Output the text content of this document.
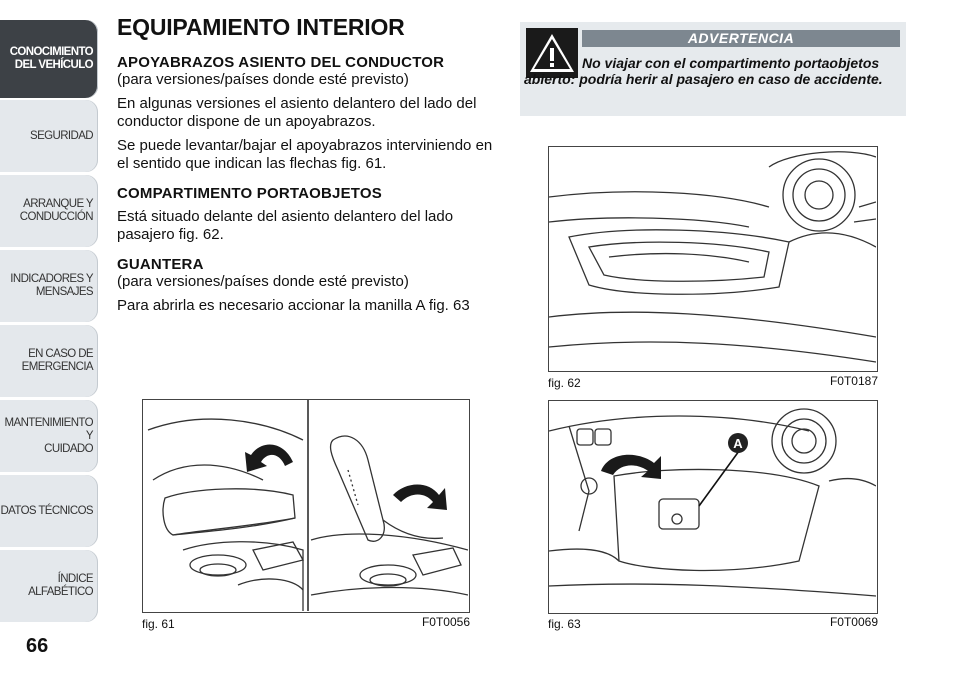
CONOCIMIENTO
DEL VEHÍCULO
SEGURIDAD
ARRANQUE Y
CONDUCCIÓN
INDICADORES Y
MENSAJES
EN CASO DE
EMERGENCIA
MANTENIMIENTO Y
CUIDADO
DATOS TÉCNICOS
ÍNDICE ALFABÉTICO
66
EQUIPAMIENTO INTERIOR
APOYABRAZOS ASIENTO DEL CONDUCTOR

(para versiones/países donde esté previsto)

En algunas versiones el asiento delantero del lado del conductor dispone de un apoyabrazos.

Se puede levantar/bajar el apoyabrazos interviniendo en el sentido que indican las flechas fig. 61.

COMPARTIMENTO PORTAOBJETOS

Está situado delante del asiento delantero del lado pasajero fig. 62.

GUANTERA

(para versiones/países donde esté previsto)

Para abrirla es necesario accionar la manilla A fig. 63

ADVERTENCIA
No viajar con el compartimento portaobjetos abierto: podría herir al pasajero en caso de accidente.
fig. 61	F0T0056
fig. 62	F0T0187
A
fig. 63	F0T0069
